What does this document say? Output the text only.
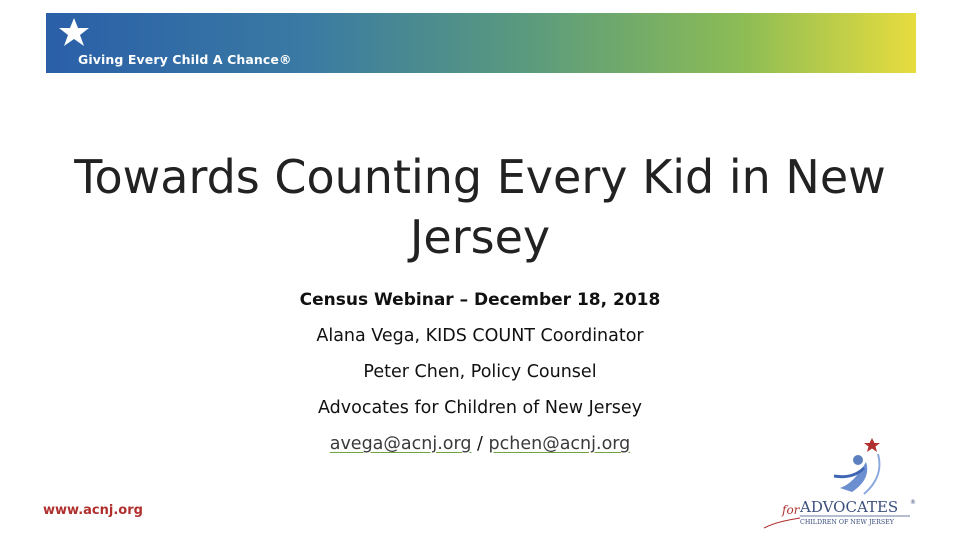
Giving Every Child A Chance®
Towards Counting Every Kid in New Jersey
Census Webinar – December 18, 2018
Alana Vega, KIDS COUNT Coordinator
Peter Chen, Policy Counsel
Advocates for Children of New Jersey
avega@acnj.org / pchen@acnj.org
www.acnj.org	for ADVOCATES ®
CHILDREN OF NEW JERSEY
